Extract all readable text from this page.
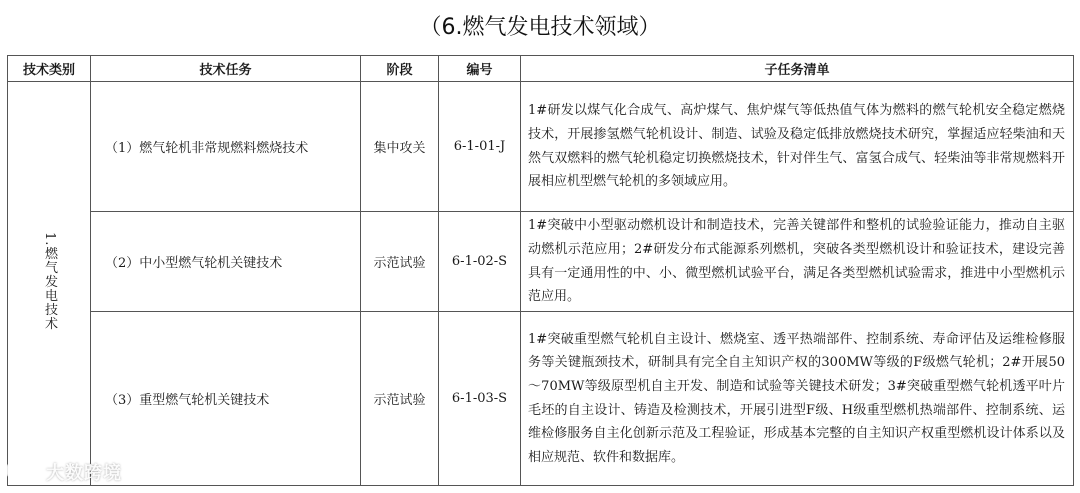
（6.燃气发电技术领域）
技术类别	技术任务	阶段	编号	子任务清单
1.燃气发电技术	（1）燃气轮机非常规燃料燃烧技术	集中攻关	6-1-01-J	1#研发以煤气化合成气、高炉煤气、焦炉煤气等低热值气体为燃料的燃气轮机安全稳定燃烧技术，开展掺氢燃气轮机设计、制造、试验及稳定低排放燃烧技术研究，掌握适应轻柴油和天然气双燃料的燃气轮机稳定切换燃烧技术，针对伴生气、富氢合成气、轻柴油等非常规燃料开展相应机型燃气轮机的多领域应用。
	（2）中小型燃气轮机关键技术	示范试验	6-1-02-S	1#突破中小型驱动燃机设计和制造技术，完善关键部件和整机的试验验证能力，推动自主驱动燃机示范应用；2#研发分布式能源系列燃机，突破各类型燃机设计和验证技术，建设完善具有一定通用性的中、小、微型燃机试验平台，满足各类型燃机试验需求，推进中小型燃机示范应用。
	（3）重型燃气轮机关键技术	示范试验	6-1-03-S	1#突破重型燃气轮机自主设计、燃烧室、透平热端部件、控制系统、寿命评估及运维检修服务等关键瓶颈技术，研制具有完全自主知识产权的300MW等级的F级燃气轮机；2#开展50～70MW等级原型机自主开发、制造和试验等关键技术研发；3#突破重型燃气轮机透平叶片毛坯的自主设计、铸造及检测技术，开展引进型F级、H级重型燃机热端部件、控制系统、运维检修服务自主化创新示范及工程验证，形成基本完整的自主知识产权重型燃机设计体系以及相应规范、软件和数据库。
大数跨境
